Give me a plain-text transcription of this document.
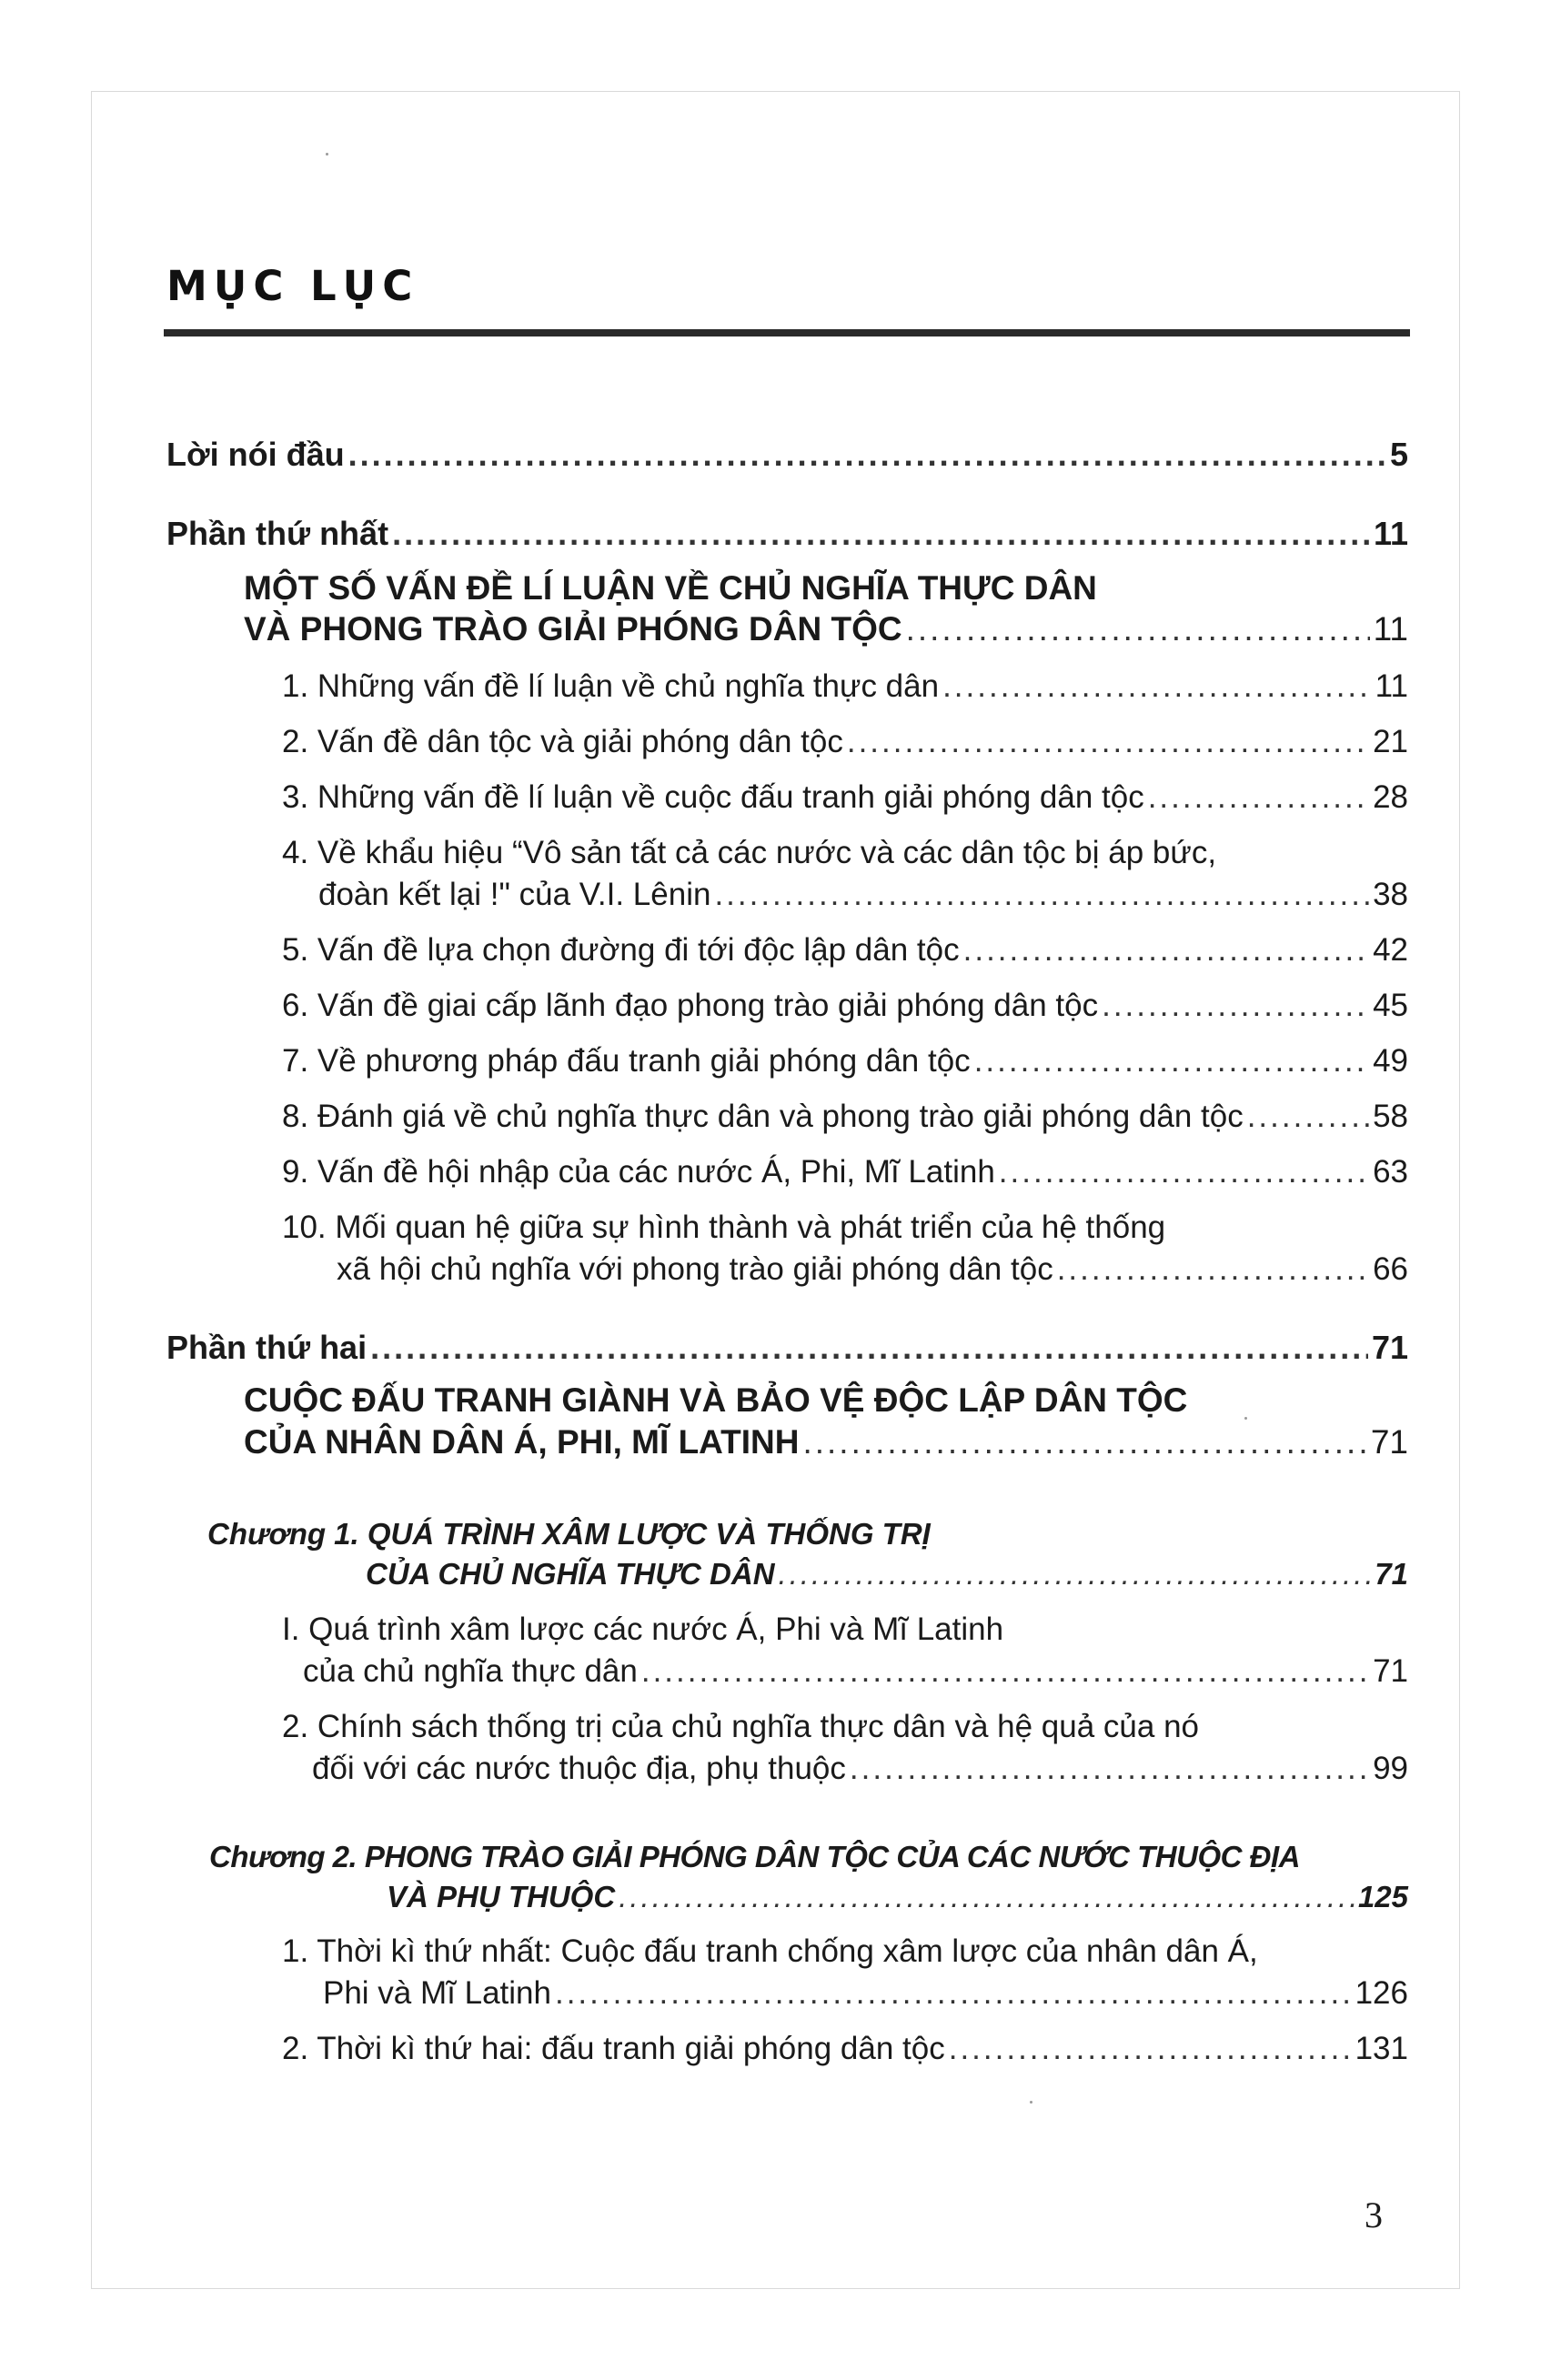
MỤC LỤC
Lời nói đầu .....	5
Phần thứ nhất .....	11
MỘT SỐ VẤN ĐỀ LÍ LUẬN VỀ CHỦ NGHĨA THỰC DÂN
VÀ PHONG TRÀO GIẢI PHÓNG DÂN TỘC .....	11
1. Những vấn đề lí luận về chủ nghĩa thực dân .....	11
2. Vấn đề dân tộc và giải phóng dân tộc .....	21
3. Những vấn đề lí luận về cuộc đấu tranh giải phóng dân tộc .....	28
4. Về khẩu hiệu “Vô sản tất cả các nước và các dân tộc bị áp bức,
đoàn kết lại !" của V.I. Lênin .....	38
5. Vấn đề lựa chọn đường đi tới độc lập dân tộc .....	42
6. Vấn đề giai cấp lãnh đạo phong trào giải phóng dân tộc .....	45
7. Về phương pháp đấu tranh giải phóng dân tộc .....	49
8. Đánh giá về chủ nghĩa thực dân và phong trào giải phóng dân tộc .....	58
9. Vấn đề hội nhập của các nước Á, Phi, Mĩ Latinh .....	63
10. Mối quan hệ giữa sự hình thành và phát triển của hệ thống
xã hội chủ nghĩa với phong trào giải phóng dân tộc .....	66
Phần thứ hai .....	71
CUỘC ĐẤU TRANH GIÀNH VÀ BẢO VỆ ĐỘC LẬP DÂN TỘC
CỦA NHÂN DÂN Á, PHI, MĨ LATINH .....	71
Chương 1. QUÁ TRÌNH XÂM LƯỢC VÀ THỐNG TRỊ
CỦA CHỦ NGHĨA THỰC DÂN .....	71
I. Quá trình xâm lược các nước Á, Phi và Mĩ Latinh
của chủ nghĩa thực dân .....	71
2. Chính sách thống trị của chủ nghĩa thực dân và hệ quả của nó
đối với các nước thuộc địa, phụ thuộc .....	99
Chương 2. PHONG TRÀO GIẢI PHÓNG DÂN TỘC CỦA CÁC NƯỚC THUỘC ĐỊA
VÀ PHỤ THUỘC .....	125
1. Thời kì thứ nhất: Cuộc đấu tranh chống xâm lược của nhân dân Á,
Phi và Mĩ Latinh .....	126
2. Thời kì thứ hai: đấu tranh giải phóng dân tộc .....	131
3
